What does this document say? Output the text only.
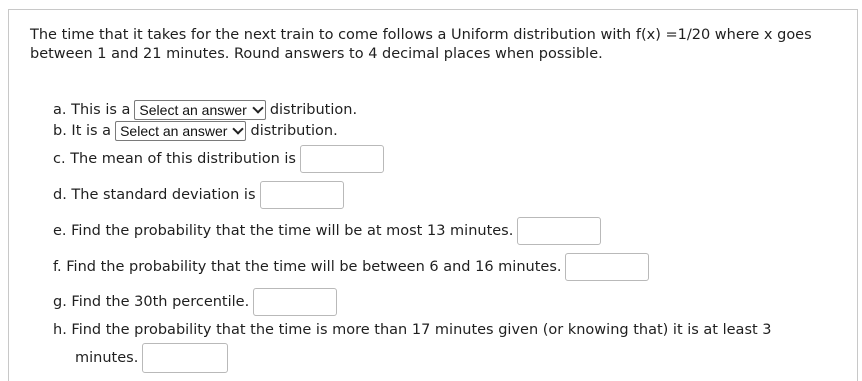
The time that it takes for the next train to come follows a Uniform distribution with f(x) =1/20 where x goes between 1 and 21 minutes. Round answers to 4 decimal places when possible.
a. This is a Select an answer distribution.
b. It is a Select an answer distribution.
c. The mean of this distribution is
d. The standard deviation is
e. Find the probability that the time will be at most 13 minutes.
f. Find the probability that the time will be between 6 and 16 minutes.
g. Find the 30th percentile.
h. Find the probability that the time is more than 17 minutes given (or knowing that) it is at least 3
minutes.
